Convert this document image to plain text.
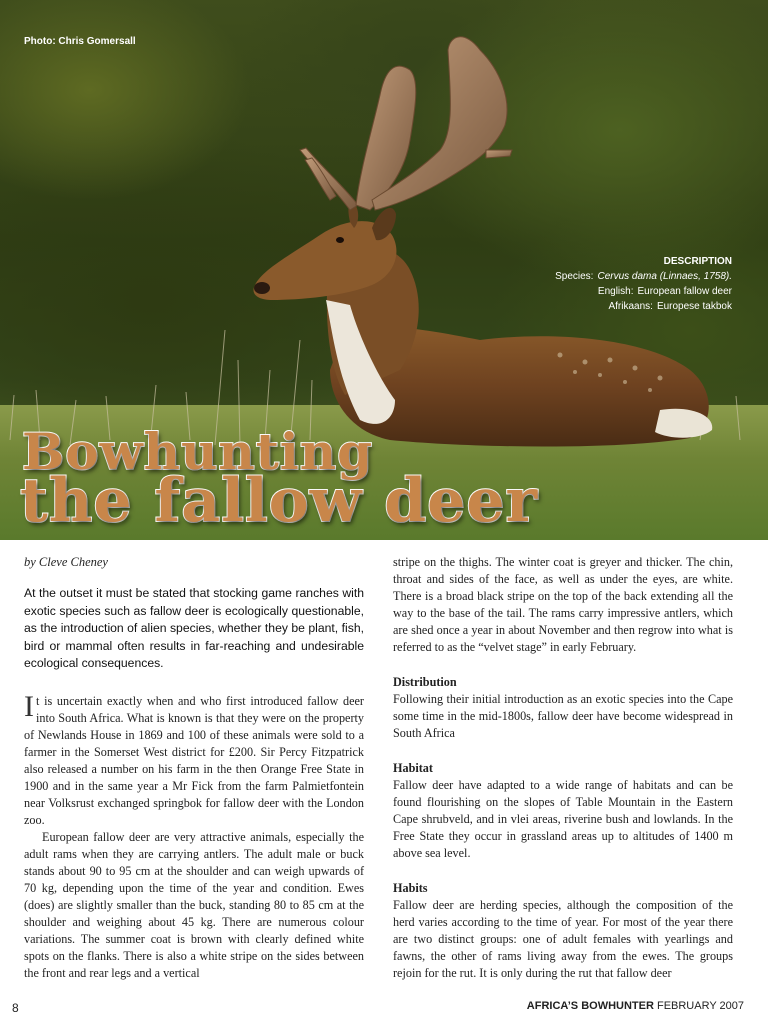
Photo: Chris Gomersall
DESCRIPTION
Species: Cervus dama (Linnaes, 1758).
English: European fallow deer
Afrikaans: Europese takbok
Bowhunting
the fallow deer

by Cleve Cheney

At the outset it must be stated that stocking game ranches with exotic species such as fallow deer is ecologically questionable, as the introduction of alien species, whether they be plant, fish, bird or mammal often results in far-reaching and undesirable ecological consequences.

It is uncertain exactly when and who first introduced fallow deer into South Africa. What is known is that they were on the property of Newlands House in 1869 and 100 of these animals were sold to a farmer in the Somerset West district for £200. Sir Percy Fitzpatrick also released a number on his farm in the then Orange Free State in 1900 and in the same year a Mr Fick from the farm Palmietfontein near Volksrust exchanged springbok for fallow deer with the London zoo.

European fallow deer are very attractive animals, especially the adult rams when they are carrying antlers. The adult male or buck stands about 90 to 95 cm at the shoulder and can weigh upwards of 70 kg, depending upon the time of the year and condition. Ewes (does) are slightly smaller than the buck, standing 80 to 85 cm at the shoulder and weighing about 45 kg. There are numerous colour variations. The summer coat is brown with clearly defined white spots on the flanks. There is also a white stripe on the sides between the front and rear legs and a vertical

stripe on the thighs. The winter coat is greyer and thicker. The chin, throat and sides of the face, as well as under the eyes, are white. There is a broad black stripe on the top of the back extending all the way to the base of the tail. The rams carry impressive antlers, which are shed once a year in about November and then regrow into what is referred to as the “velvet stage” in early February.

Distribution

Following their initial introduction as an exotic species into the Cape some time in the mid-1800s, fallow deer have become widespread in South Africa

Habitat

Fallow deer have adapted to a wide range of habitats and can be found flourishing on the slopes of Table Mountain in the Eastern Cape shrubveld, and in vlei areas, riverine bush and lowlands. In the Free State they occur in grassland areas up to altitudes of 1400 m above sea level.

Habits

Fallow deer are herding species, although the composition of the herd varies according to the time of year. For most of the year there are two distinct groups: one of adult females with yearlings and fawns, the other of rams living away from the ewes. The groups rejoin for the rut. It is only during the rut that fallow deer

8	AFRICA’S BOWHUNTER FEBRUARY 2007
